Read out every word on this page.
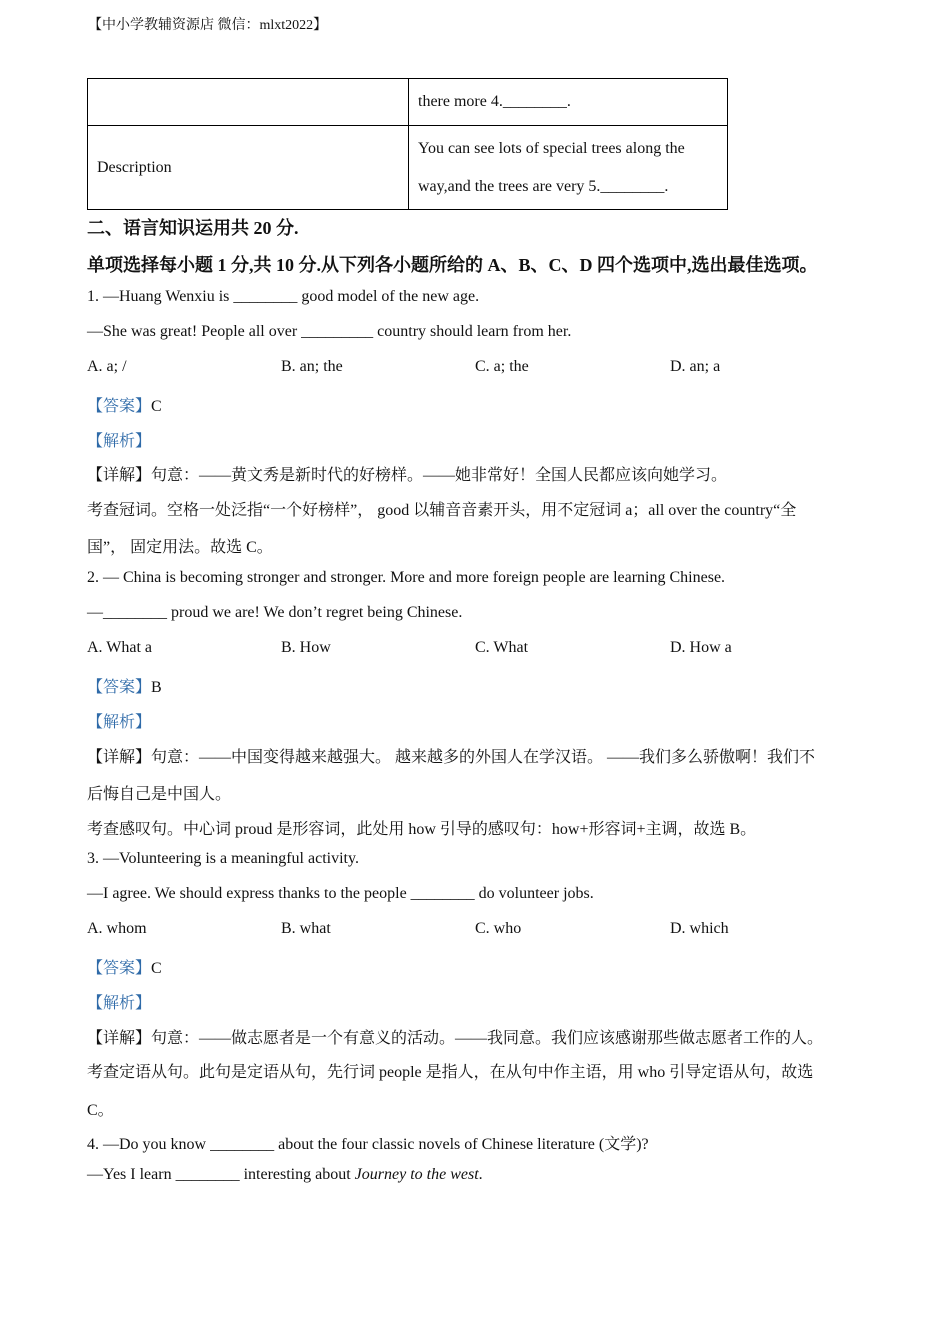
【中小学教辅资源店 微信：mlxt2022】
	there more 4.________.
Description	You can see lots of special trees along the way,and the trees are very 5.________.
二、语言知识运用共 20 分.
单项选择每小题 1 分,共 10 分.从下列各小题所给的 A、B、C、D 四个选项中,选出最佳选项。
1. —Huang Wenxiu is ________ good model of the new age.
—She was great! People all over _________ country should learn from her.
A. a; /	B. an; the	C. a; the	D. an; a
【答案】C
【解析】
【详解】句意：——黄文秀是新时代的好榜样。——她非常好！全国人民都应该向她学习。
考查冠词。空格一处泛指“一个好榜样”， good 以辅音音素开头，用不定冠词 a；all over the country“全
国”， 固定用法。故选 C。
2. — China is becoming stronger and stronger. More and more foreign people are learning Chinese.
—________ proud we are! We don’t regret being Chinese.
A. What a	B. How	C. What	D. How a
【答案】B
【解析】
【详解】句意：——中国变得越来越强大。 越来越多的外国人在学汉语。 ——我们多么骄傲啊！我们不
后悔自己是中国人。
考查感叹句。中心词 proud 是形容词，此处用 how 引导的感叹句：how+形容词+主调，故选 B。
3. —Volunteering is a meaningful activity.
—I agree. We should express thanks to the people ________ do volunteer jobs.
A. whom	B. what	C. who	D. which
【答案】C
【解析】
【详解】句意：——做志愿者是一个有意义的活动。——我同意。我们应该感谢那些做志愿者工作的人。
考查定语从句。此句是定语从句，先行词 people 是指人，在从句中作主语，用 who 引导定语从句，故选
C。
4. —Do you know ________ about the four classic novels of Chinese literature (文学)?
—Yes I learn ________ interesting about Journey to the west.
